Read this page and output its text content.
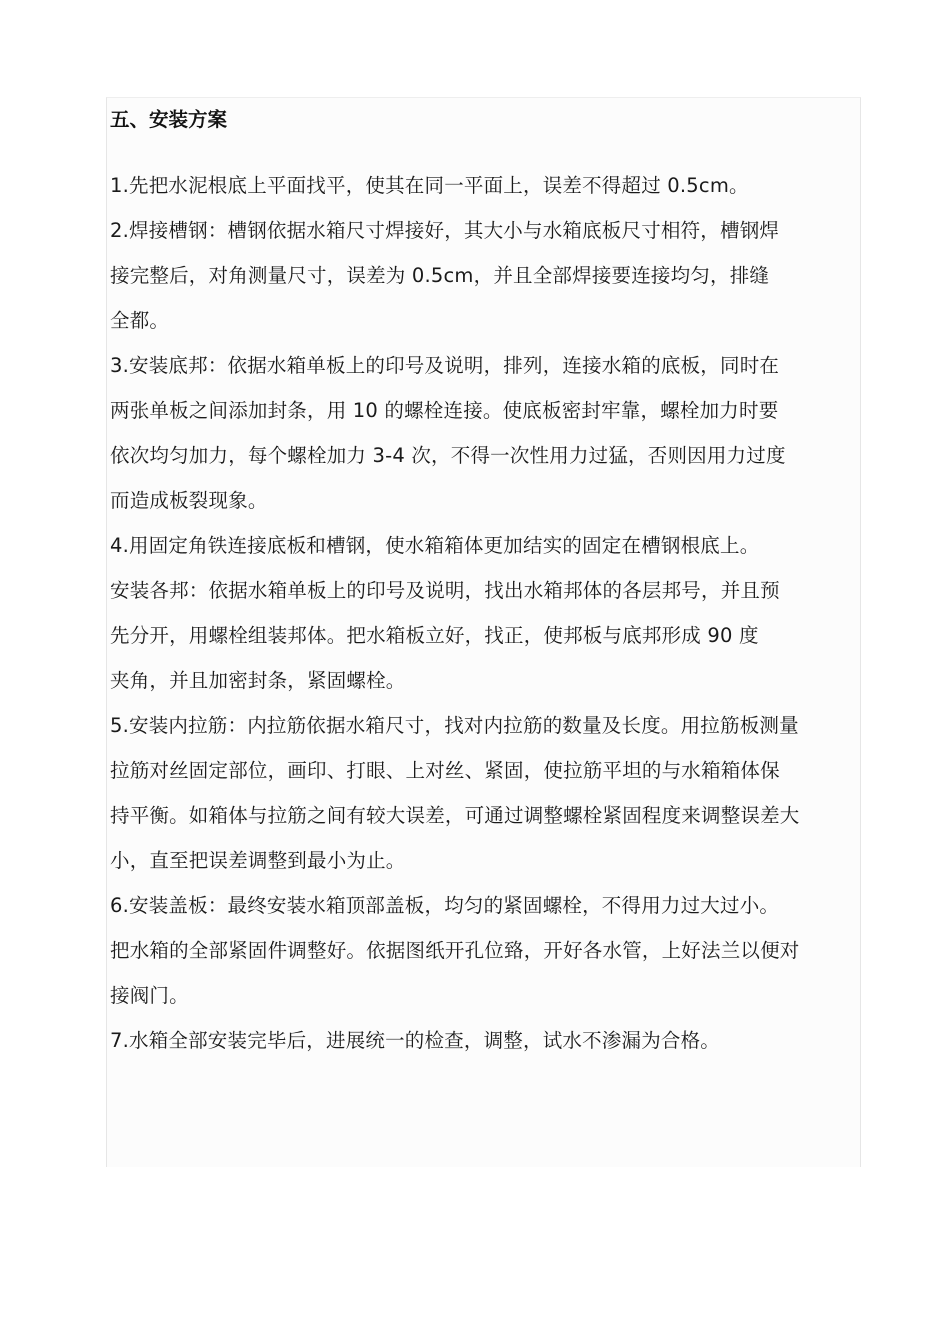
五、安装方案
1.先把水泥根底上平面找平，使其在同一平面上，误差不得超过 0.5cm。
2.焊接槽钢：槽钢依据水箱尺寸焊接好，其大小与水箱底板尺寸相符，槽钢焊
接完整后，对角测量尺寸，误差为 0.5cm，并且全部焊接要连接均匀，排缝
全都。
3.安装底邦：依据水箱单板上的印号及说明，排列，连接水箱的底板，同时在
两张单板之间添加封条，用 10 的螺栓连接。使底板密封牢靠，螺栓加力时要
依次均匀加力，每个螺栓加力 3-4 次，不得一次性用力过猛，否则因用力过度
而造成板裂现象。
4.用固定角铁连接底板和槽钢，使水箱箱体更加结实的固定在槽钢根底上。
安装各邦：依据水箱单板上的印号及说明，找出水箱邦体的各层邦号，并且预
先分开，用螺栓组装邦体。把水箱板立好，找正，使邦板与底邦形成 90 度
夹角，并且加密封条，紧固螺栓。
5.安装内拉筋：内拉筋依据水箱尺寸，找对内拉筋的数量及长度。用拉筋板测量
拉筋对丝固定部位，画印、打眼、上对丝、紧固，使拉筋平坦的与水箱箱体保
持平衡。如箱体与拉筋之间有较大误差，可通过调整螺栓紧固程度来调整误差大
小，直至把误差调整到最小为止。
6.安装盖板：最终安装水箱顶部盖板，均匀的紧固螺栓，不得用力过大过小。
把水箱的全部紧固件调整好。依据图纸开孔位臵，开好各水管，上好法兰以便对
接阀门。
7.水箱全部安装完毕后，进展统一的检查，调整，试水不渗漏为合格。
